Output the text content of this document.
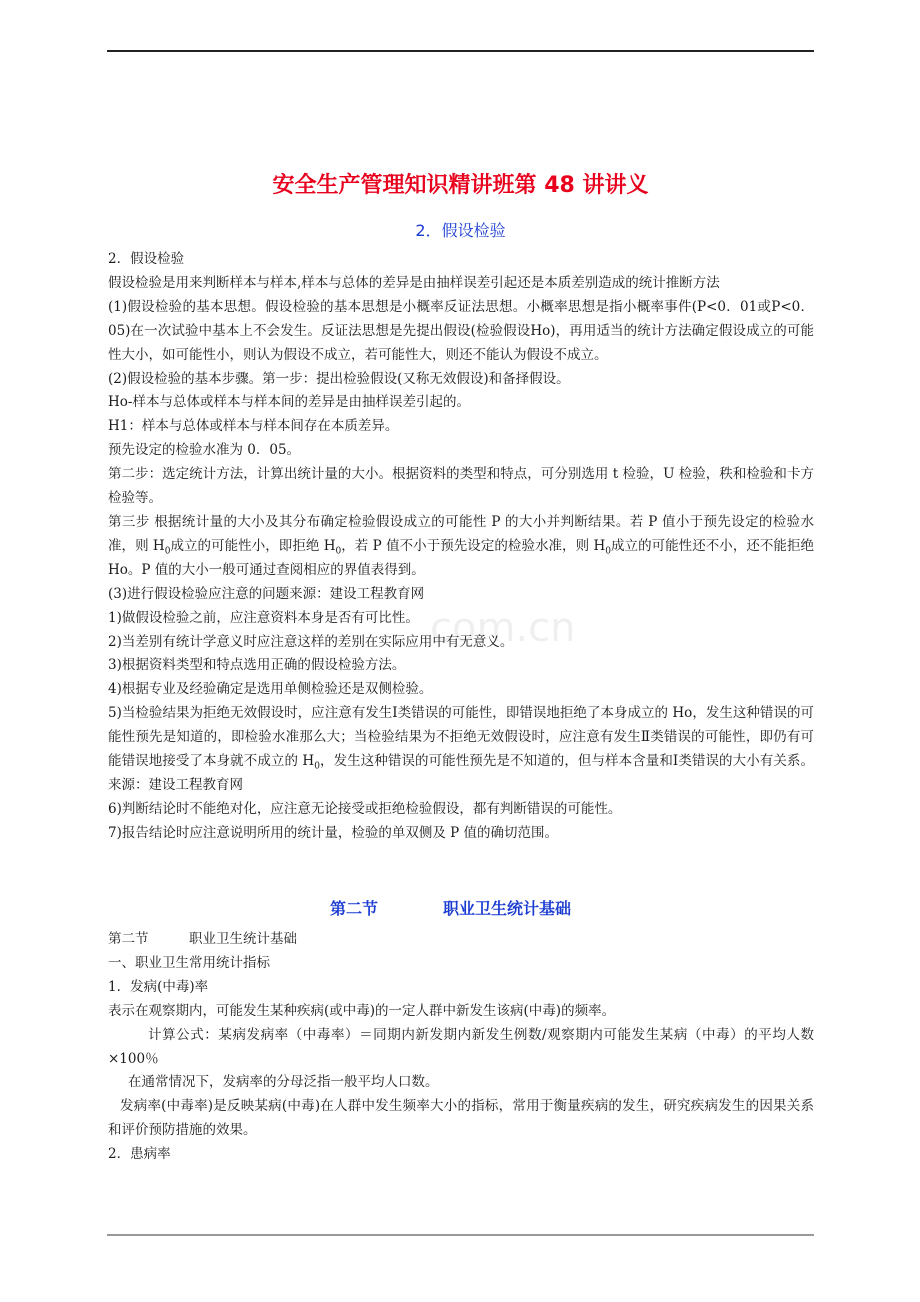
com.cn
安全生产管理知识精讲班第 48 讲讲义
2．假设检验

2．假设检验

假设检验是用来判断样本与样本,样本与总体的差异是由抽样误差引起还是本质差别造成的统计推断方法

(1)假设检验的基本思想。假设检验的基本思想是小概率反证法思想。小概率思想是指小概率事件(P<0．01或P<0．05)在一次试验中基本上不会发生。反证法思想是先提出假设(检验假设Ho)，再用适当的统计方法确定假设成立的可能性大小，如可能性小，则认为假设不成立，若可能性大，则还不能认为假设不成立。

(2)假设检验的基本步骤。第一步：提出检验假设(又称无效假设)和备择假设。

Ho-样本与总体或样本与样本间的差异是由抽样误差引起的。

H1：样本与总体或样本与样本间存在本质差异。

预先设定的检验水准为 0．05。

第二步：选定统计方法，计算出统计量的大小。根据资料的类型和特点，可分别选用 t 检验，U 检验，秩和检验和卡方检验等。

第三步 根据统计量的大小及其分布确定检验假设成立的可能性 P 的大小并判断结果。若 P 值小于预先设定的检验水准，则 $H_0$成立的可能性小，即拒绝 $H_0$，若 P 值不小于预先设定的检验水准，则 $H_0$成立的可能性还不小，还不能拒绝 Ho。P 值的大小一般可通过查阅相应的界值表得到。

(3)进行假设检验应注意的问题来源：建设工程教育网

1)做假设检验之前，应注意资料本身是否有可比性。

2)当差别有统计学意义时应注意这样的差别在实际应用中有无意义。

3)根据资料类型和特点选用正确的假设检验方法。

4)根据专业及经验确定是选用单侧检验还是双侧检验。

5)当检验结果为拒绝无效假设时，应注意有发生Ⅰ类错误的可能性，即错误地拒绝了本身成立的 Ho，发生这种错误的可能性预先是知道的，即检验水准那么大；当检验结果为不拒绝无效假设时，应注意有发生Ⅱ类错误的可能性，即仍有可能错误地接受了本身就不成立的 $H_0$，发生这种错误的可能性预先是不知道的，但与样本含量和Ⅰ类错误的大小有关系。来源：建设工程教育网

6)判断结论时不能绝对化，应注意无论接受或拒绝检验假设，都有判断错误的可能性。

7)报告结论时应注意说明所用的统计量，检验的单双侧及 P 值的确切范围。

第二节	职业卫生统计基础

第二节　　　职业卫生统计基础

一、职业卫生常用统计指标

1．发病(中毒)率

表示在观察期内，可能发生某种疾病(或中毒)的一定人群中新发生该病(中毒)的频率。

计算公式：某病发病率（中毒率）＝同期内新发期内新发生例数/观察期内可能发生某病（中毒）的平均人数×100％

在通常情况下，发病率的分母泛指一般平均人口数。

发病率(中毒率)是反映某病(中毒)在人群中发生频率大小的指标，常用于衡量疾病的发生，研究疾病发生的因果关系和评价预防措施的效果。

2．患病率
